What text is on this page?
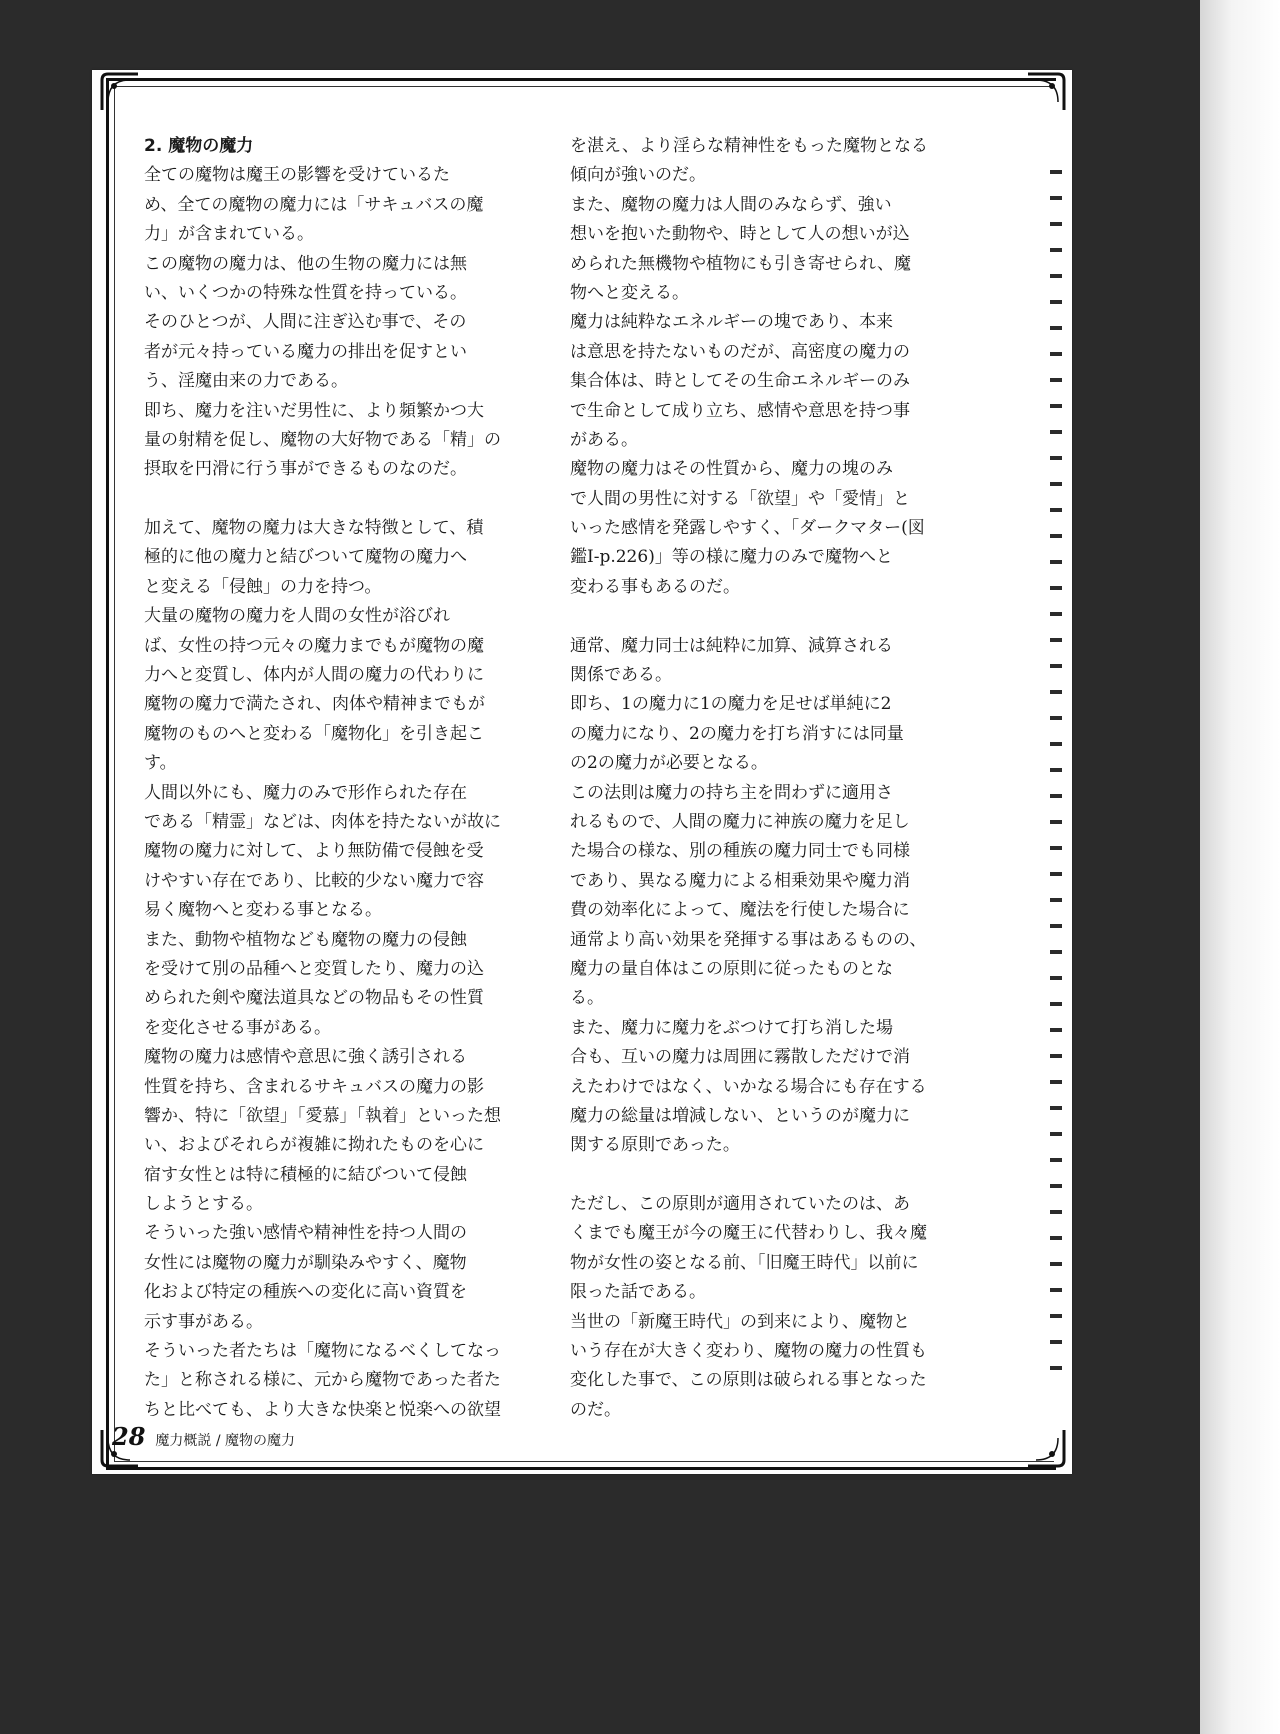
2. 魔物の魔力
全ての魔物は魔王の影響を受けているた
め、全ての魔物の魔力には「サキュバスの魔
力」が含まれている。
この魔物の魔力は、他の生物の魔力には無
い、いくつかの特殊な性質を持っている。
そのひとつが、人間に注ぎ込む事で、その
者が元々持っている魔力の排出を促すとい
う、淫魔由来の力である。
即ち、魔力を注いだ男性に、より頻繁かつ大
量の射精を促し、魔物の大好物である「精」の
摂取を円滑に行う事ができるものなのだ。
加えて、魔物の魔力は大きな特徴として、積
極的に他の魔力と結びついて魔物の魔力へ
と変える「侵蝕」の力を持つ。
大量の魔物の魔力を人間の女性が浴びれ
ば、女性の持つ元々の魔力までもが魔物の魔
力へと変質し、体内が人間の魔力の代わりに
魔物の魔力で満たされ、肉体や精神までもが
魔物のものへと変わる「魔物化」を引き起こ
す。
人間以外にも、魔力のみで形作られた存在
である「精霊」などは、肉体を持たないが故に
魔物の魔力に対して、より無防備で侵蝕を受
けやすい存在であり、比較的少ない魔力で容
易く魔物へと変わる事となる。
また、動物や植物なども魔物の魔力の侵蝕
を受けて別の品種へと変質したり、魔力の込
められた剣や魔法道具などの物品もその性質
を変化させる事がある。
魔物の魔力は感情や意思に強く誘引される
性質を持ち、含まれるサキュバスの魔力の影
響か、特に「欲望」「愛慕」「執着」といった想
い、およびそれらが複雑に拗れたものを心に
宿す女性とは特に積極的に結びついて侵蝕
しようとする。
そういった強い感情や精神性を持つ人間の
女性には魔物の魔力が馴染みやすく、魔物
化および特定の種族への変化に高い資質を
示す事がある。
そういった者たちは「魔物になるべくしてなっ
た」と称される様に、元から魔物であった者た
ちと比べても、より大きな快楽と悦楽への欲望
を湛え、より淫らな精神性をもった魔物となる
傾向が強いのだ。
また、魔物の魔力は人間のみならず、強い
想いを抱いた動物や、時として人の想いが込
められた無機物や植物にも引き寄せられ、魔
物へと変える。
魔力は純粋なエネルギーの塊であり、本来
は意思を持たないものだが、高密度の魔力の
集合体は、時としてその生命エネルギーのみ
で生命として成り立ち、感情や意思を持つ事
がある。
魔物の魔力はその性質から、魔力の塊のみ
で人間の男性に対する「欲望」や「愛情」と
いった感情を発露しやすく、「ダークマター(図
鑑Ⅰ-p.226)」等の様に魔力のみで魔物へと
変わる事もあるのだ。
通常、魔力同士は純粋に加算、減算される
関係である。
即ち、1の魔力に1の魔力を足せば単純に2
の魔力になり、2の魔力を打ち消すには同量
の2の魔力が必要となる。
この法則は魔力の持ち主を問わずに適用さ
れるもので、人間の魔力に神族の魔力を足し
た場合の様な、別の種族の魔力同士でも同様
であり、異なる魔力による相乗効果や魔力消
費の効率化によって、魔法を行使した場合に
通常より高い効果を発揮する事はあるものの、
魔力の量自体はこの原則に従ったものとな
る。
また、魔力に魔力をぶつけて打ち消した場
合も、互いの魔力は周囲に霧散しただけで消
えたわけではなく、いかなる場合にも存在する
魔力の総量は増減しない、というのが魔力に
関する原則であった。
ただし、この原則が適用されていたのは、あ
くまでも魔王が今の魔王に代替わりし、我々魔
物が女性の姿となる前、「旧魔王時代」以前に
限った話である。
当世の「新魔王時代」の到来により、魔物と
いう存在が大きく変わり、魔物の魔力の性質も
変化した事で、この原則は破られる事となった
のだ。
28 魔力概説 / 魔物の魔力
